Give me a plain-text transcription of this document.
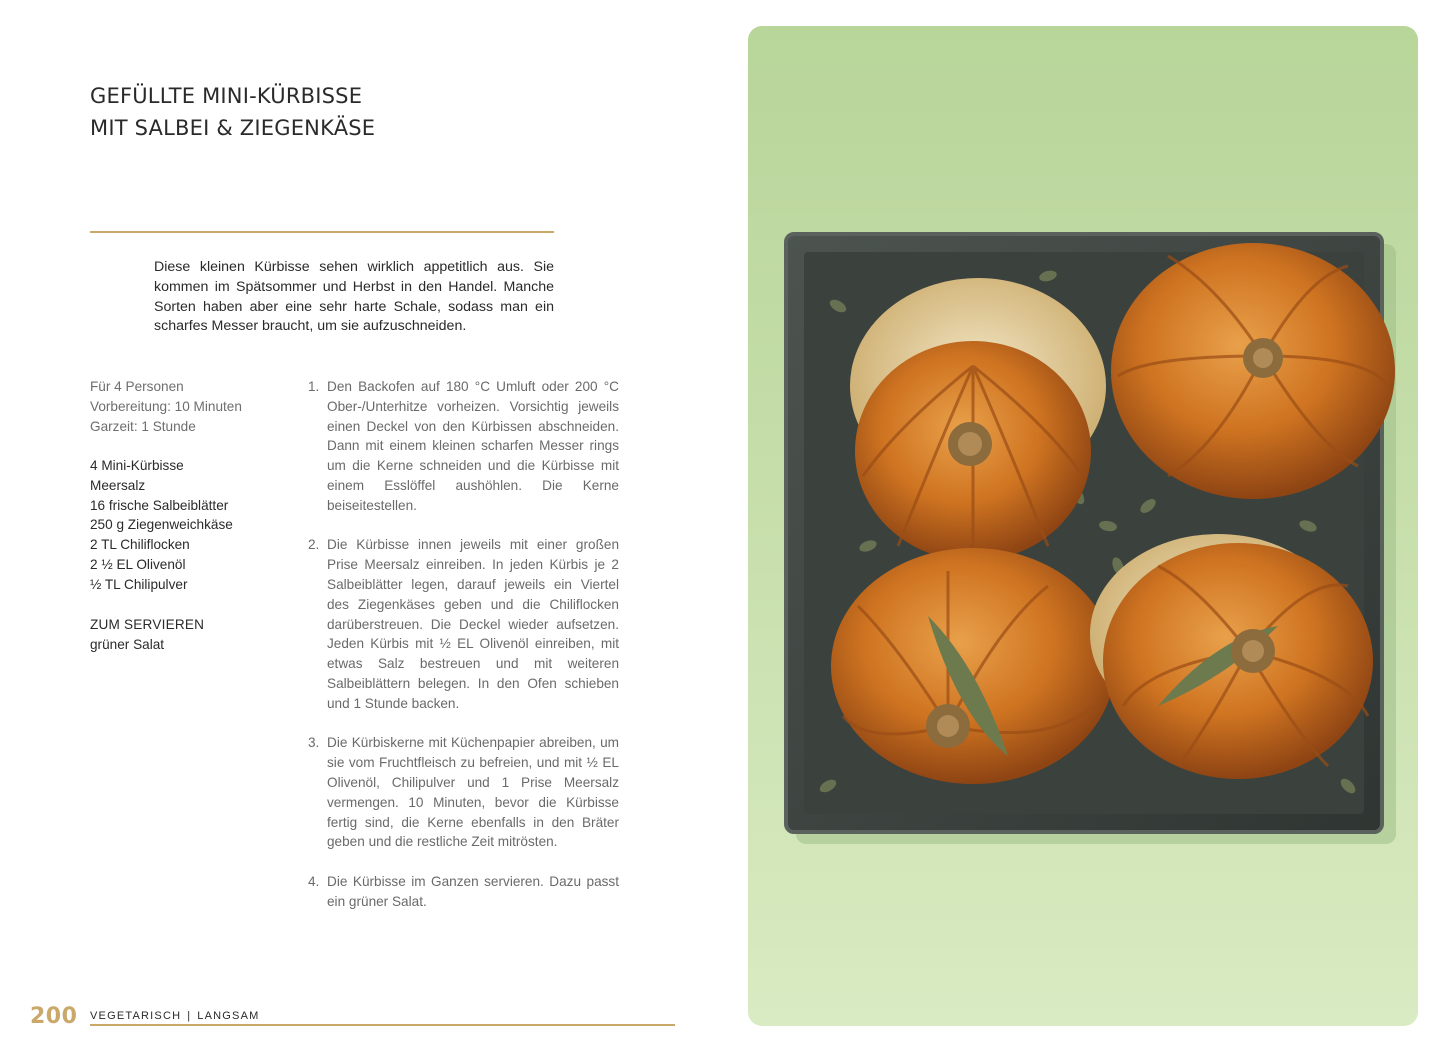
GEFÜLLTE MINI-KÜRBISSE
MIT SALBEI & ZIEGENKÄSE

Diese kleinen Kürbisse sehen wirklich appetitlich aus. Sie kommen im Spätsommer und Herbst in den Handel. Manche Sorten haben aber eine sehr harte Schale, sodass man ein scharfes Messer braucht, um sie aufzuschneiden.

Für 4 Personen
Vorbereitung: 10 Minuten
Garzeit: 1 Stunde
4 Mini-Kürbisse
Meersalz
16 frische Salbeiblätter
250 g Ziegenweichkäse
2 TL Chiliflocken
2 ½ EL Olivenöl
½ TL Chilipulver
ZUM SERVIEREN
grüner Salat
1. Den Backofen auf 180 °C Umluft oder 200 °C Ober-/Unterhitze vorheizen. Vorsichtig jeweils einen Deckel von den Kürbissen abschneiden. Dann mit einem kleinen scharfen Messer rings um die Kerne schneiden und die Kürbisse mit einem Esslöffel aushöhlen. Die Kerne beiseitestellen.
2. Die Kürbisse innen jeweils mit einer großen Prise Meersalz einreiben. In jeden Kürbis je 2 Salbeiblätter legen, darauf jeweils ein Viertel des Ziegenkäses geben und die Chiliflocken darüberstreuen. Die Deckel wieder aufsetzen. Jeden Kürbis mit ½ EL Olivenöl einreiben, mit etwas Salz bestreuen und mit weiteren Salbeiblättern belegen. In den Ofen schieben und 1 Stunde backen.
3. Die Kürbiskerne mit Küchenpapier abreiben, um sie vom Fruchtfleisch zu befreien, und mit ½ EL Olivenöl, Chilipulver und 1 Prise Meersalz vermengen. 10 Minuten, bevor die Kürbisse fertig sind, die Kerne ebenfalls in den Bräter geben und die restliche Zeit mitrösten.
4. Die Kürbisse im Ganzen servieren. Dazu passt ein grüner Salat.
200 VEGETARISCH | LANGSAM
